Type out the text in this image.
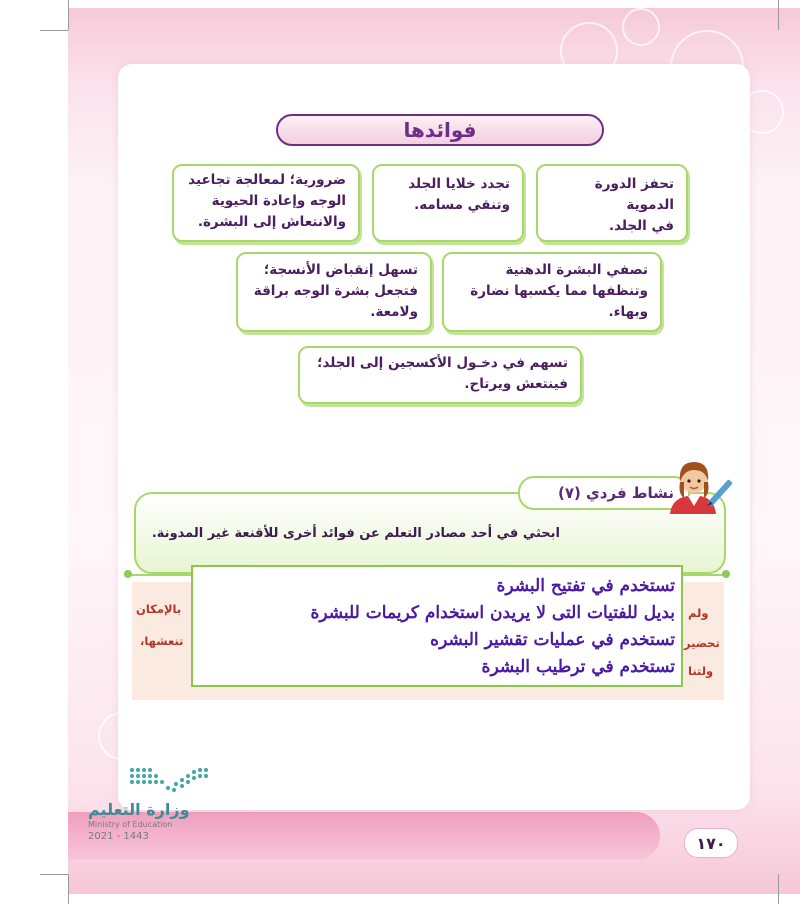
فوائدها
تحفز الدورة الدموية
في الجلد.
تجدد خلايا الجلد
وتنقي مسامه.
ضرورية؛ لمعالجة تجاعيد
الوجه وإعادة الحيوية
والانتعاش إلى البشرة.
تصفي البشرة الدهنية
وتنظفها مما يكسبها نضارة
وبهاء.
تسهل إنقباض الأنسجة؛
فتجعل بشرة الوجه براقة
ولامعة.
تسهم في دخـول الأكسجين إلى الجلد؛
فينتعش ويرتاح.
نشاط فردي (٧)
ابحثي في أحد مصادر التعلم عن فوائد أخرى للأقنعة غير المدونة.
ولم
تحضير
ولتنا
بالإمكان
تنعشها،
تستخدم في تفتيح البشرة
بديل للفتيات التى لا يريدن استخدام كريمات للبشرة
تستخدم في عمليات تقشير البشره
تستخدم في ترطيب البشرة
١٧٠
وزارة التعليم
Ministry of Education
2021 - 1443
